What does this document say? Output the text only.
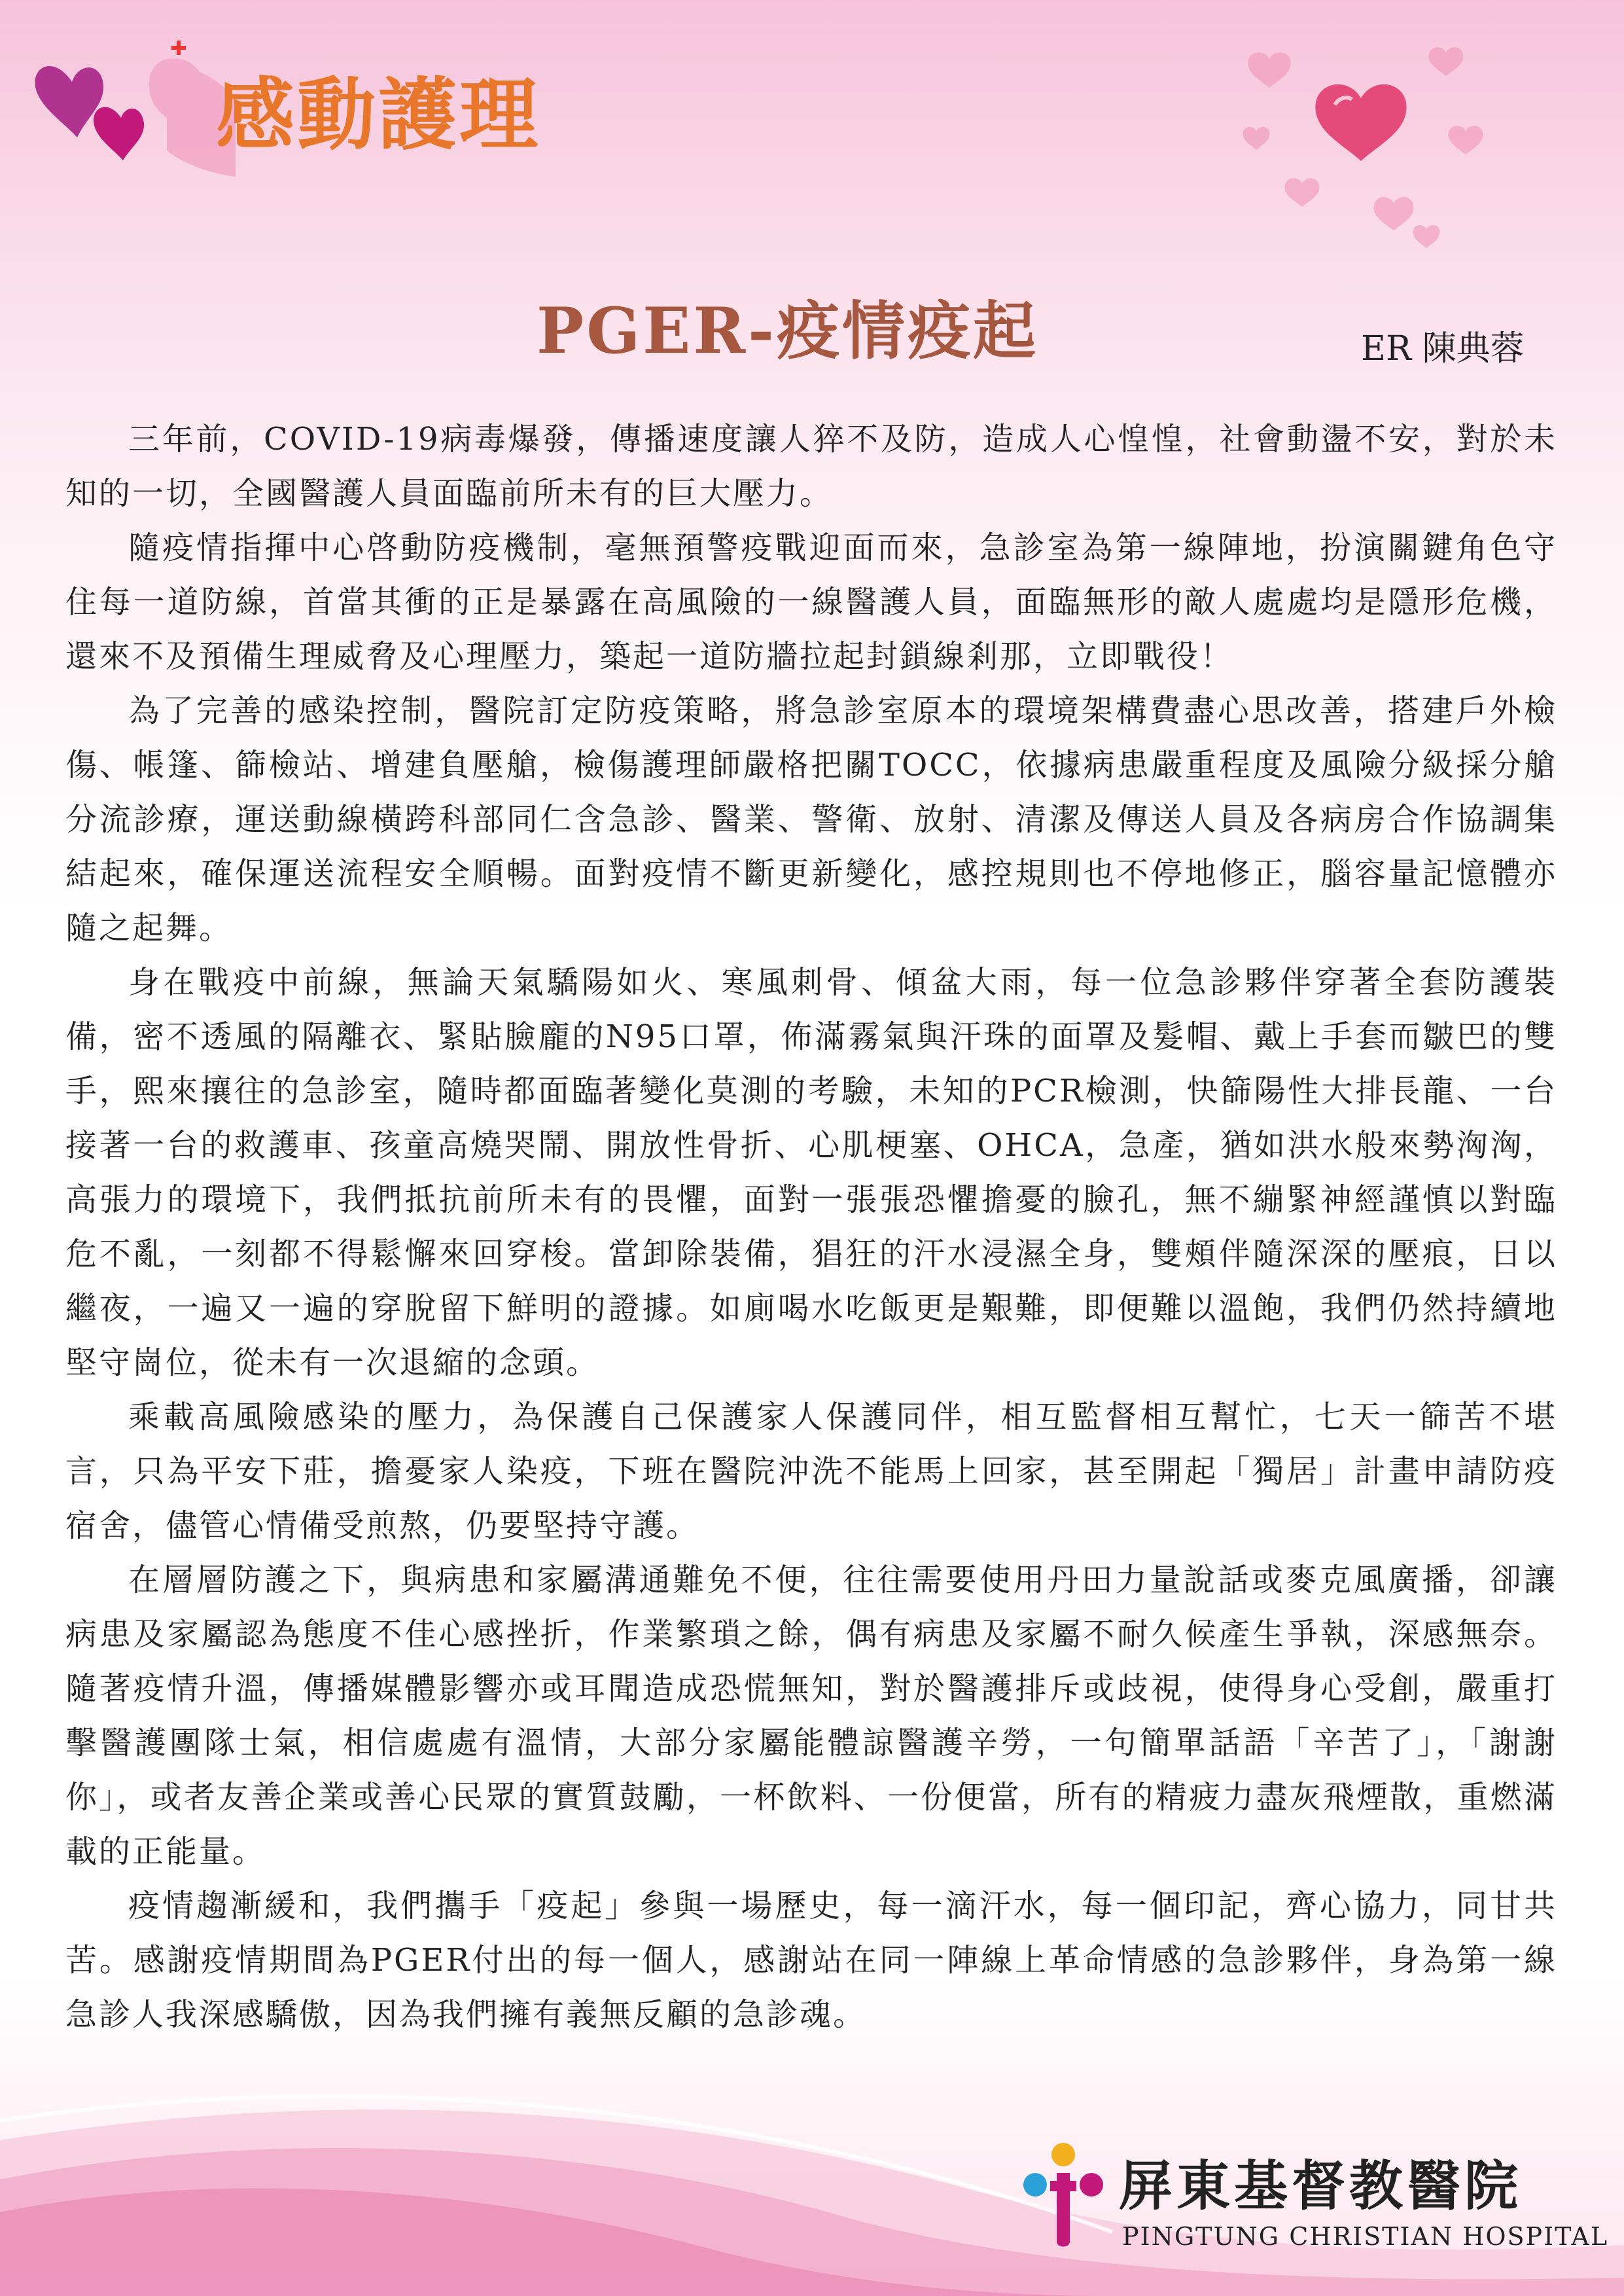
感動護理
PGER-疫情疫起	ER 陳典蓉

三年前，COVID-19病毒爆發，傳播速度讓人猝不及防，造成人心惶惶，社會動盪不安，對於未知的一切，全國醫護人員面臨前所未有的巨大壓力。

隨疫情指揮中心啓動防疫機制，毫無預警疫戰迎面而來，急診室為第一線陣地，扮演關鍵角色守住每一道防線，首當其衝的正是暴露在高風險的一線醫護人員，面臨無形的敵人處處均是隱形危機，還來不及預備生理威脅及心理壓力，築起一道防牆拉起封鎖線剎那，立即戰役！

為了完善的感染控制，醫院訂定防疫策略，將急診室原本的環境架構費盡心思改善，搭建戶外檢傷、帳篷、篩檢站、增建負壓艙，檢傷護理師嚴格把關TOCC，依據病患嚴重程度及風險分級採分艙分流診療，運送動線橫跨科部同仁含急診、醫業、警衛、放射、清潔及傳送人員及各病房合作協調集結起來，確保運送流程安全順暢。面對疫情不斷更新變化，感控規則也不停地修正，腦容量記憶體亦隨之起舞。

身在戰疫中前線，無論天氣驕陽如火、寒風刺骨、傾盆大雨，每一位急診夥伴穿著全套防護裝備，密不透風的隔離衣、緊貼臉龐的N95口罩，佈滿霧氣與汗珠的面罩及髮帽、戴上手套而皺巴的雙手，熙來攘往的急診室，隨時都面臨著變化莫測的考驗，未知的PCR檢測，快篩陽性大排長龍、一台接著一台的救護車、孩童高燒哭鬧、開放性骨折、心肌梗塞、OHCA，急產，猶如洪水般來勢洶洶，高張力的環境下，我們抵抗前所未有的畏懼，面對一張張恐懼擔憂的臉孔，無不繃緊神經謹慎以對臨危不亂，一刻都不得鬆懈來回穿梭。當卸除裝備，猖狂的汗水浸濕全身，雙頰伴隨深深的壓痕，日以繼夜，一遍又一遍的穿脫留下鮮明的證據。如廁喝水吃飯更是艱難，即便難以溫飽，我們仍然持續地堅守崗位，從未有一次退縮的念頭。

乘載高風險感染的壓力，為保護自己保護家人保護同伴，相互監督相互幫忙，七天一篩苦不堪言，只為平安下莊，擔憂家人染疫，下班在醫院沖洗不能馬上回家，甚至開起「獨居」計畫申請防疫宿舍，儘管心情備受煎熬，仍要堅持守護。

在層層防護之下，與病患和家屬溝通難免不便，往往需要使用丹田力量說話或麥克風廣播，卻讓病患及家屬認為態度不佳心感挫折，作業繁瑣之餘，偶有病患及家屬不耐久候產生爭執，深感無奈。隨著疫情升溫，傳播媒體影響亦或耳聞造成恐慌無知，對於醫護排斥或歧視，使得身心受創，嚴重打擊醫護團隊士氣，相信處處有溫情，大部分家屬能體諒醫護辛勞，一句簡單話語「辛苦了」，「謝謝你」，或者友善企業或善心民眾的實質鼓勵，一杯飲料、一份便當，所有的精疲力盡灰飛煙散，重燃滿載的正能量。

疫情趨漸緩和，我們攜手「疫起」參與一場歷史，每一滴汗水，每一個印記，齊心協力，同甘共苦。感謝疫情期間為PGER付出的每一個人，感謝站在同一陣線上革命情感的急診夥伴，身為第一線急診人我深感驕傲，因為我們擁有義無反顧的急診魂。

屏東基督教醫院
PINGTUNG CHRISTIAN HOSPITAL
